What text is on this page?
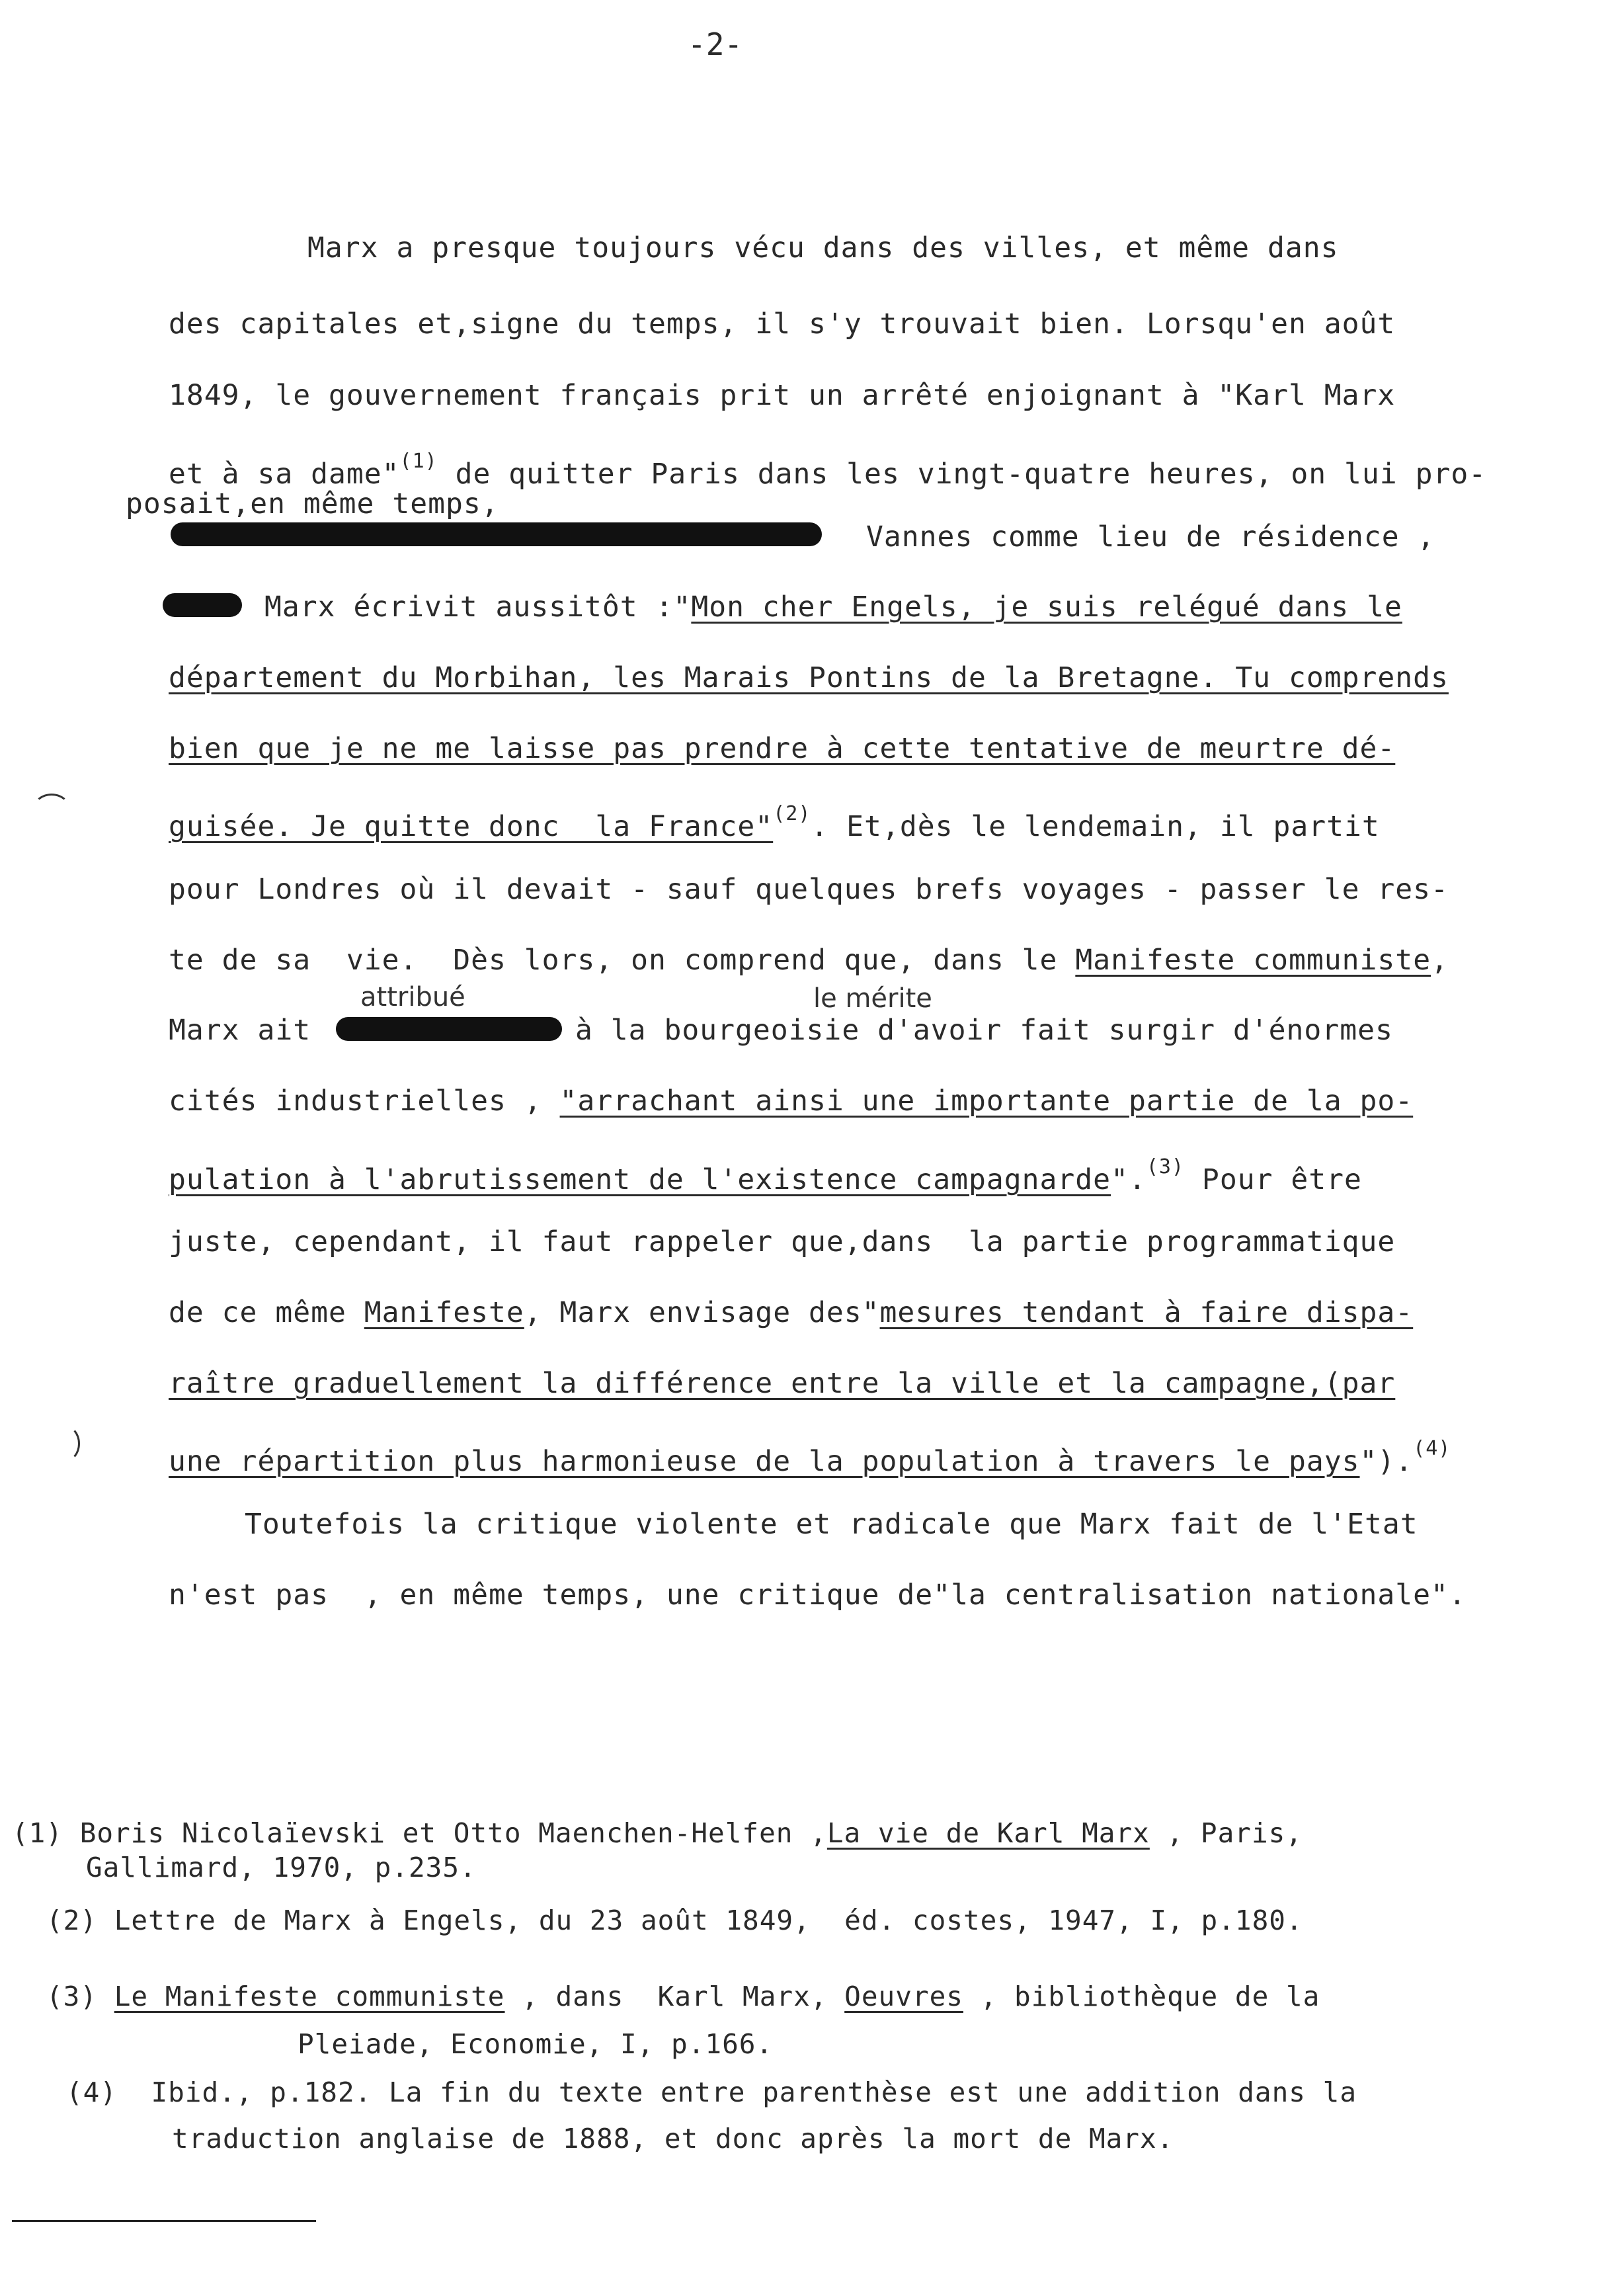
-2-
Marx a presque toujours vécu dans des villes, et même dans
des capitales et,signe du temps, il s'y trouvait bien. Lorsqu'en août
1849, le gouvernement français prit un arrêté enjoignant à "Karl Marx
et à sa dame"$^{(1)}$ de quitter Paris dans les vingt-quatre heures, on lui pro-
posait,en même temps,
Vannes comme lieu de résidence ,
Marx écrivit aussitôt :"Mon cher Engels, je suis relégué dans le
département du Morbihan, les Marais Pontins de la Bretagne. Tu comprends
bien que je ne me laisse pas prendre à cette tentative de meurtre dé-
guisée. Je quitte donc  la France"$^{(2)}$. Et,dès le lendemain, il partit
pour Londres où il devait - sauf quelques brefs voyages - passer le res-
te de sa  vie.  Dès lors, on comprend que, dans le Manifeste communiste,
attribué	le mérite
Marx ait	à la bourgeoisie d'avoir fait surgir d'énormes
cités industrielles , "arrachant ainsi une importante partie de la po-
pulation à l'abrutissement de l'existence campagnarde".$^{(3)}$ Pour être
juste, cependant, il faut rappeler que,dans  la partie programmatique
de ce même Manifeste, Marx envisage des"mesures tendant à faire dispa-
raître graduellement la différence entre la ville et la campagne,(par
une répartition plus harmonieuse de la population à travers le pays").$^{(4)}$
Toutefois la critique violente et radicale que Marx fait de l'Etat
n'est pas  , en même temps, une critique de"la centralisation nationale".
(1) Boris Nicolaïevski et Otto Maenchen-Helfen ,La vie de Karl Marx , Paris,
Gallimard, 1970, p.235.
(2) Lettre de Marx à Engels, du 23 août 1849,  éd. costes, 1947, I, p.180.
(3) Le Manifeste communiste , dans  Karl Marx, Oeuvres , bibliothèque de la
Pleiade, Economie, I, p.166.
(4) Ibid., p.182. La fin du texte entre parenthèse est une addition dans la
traduction anglaise de 1888, et donc après la mort de Marx.
